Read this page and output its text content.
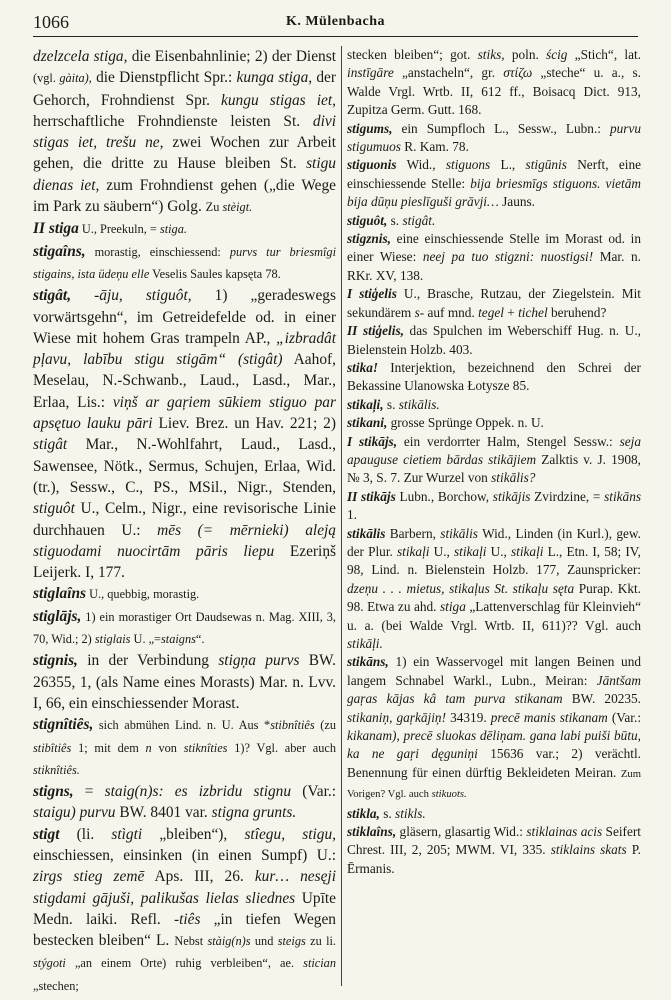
1066	K. Mülenbacha

dzelzcela stiga, die Eisenbahnlinie; 2) der Dienst (vgl. gàita), die Dienstpflicht Spr.: kunga stiga, der Gehorch, Frohndienst Spr. kungu stigas iet, herrschaftliche Frohndienste leisten St. divi stigas iet, trešu ne, zwei Wochen zur Arbeit gehen, die dritte zu Hause bleiben St. stigu dienas iet, zum Frohndienst gehen („die Wege im Park zu säubern“) Golg. Zu stèigt.

II stiga U., Preekuln, = stiga.

stigaîns, morastig, einschiessend: purvs tur briesmîgi stigains, ista üdeņu elle Veselis Saules kapsęta 78.

stigât, -āju, stiguôt, 1) „geradeswegs vorwärtsgehn“, im Getreidefelde od. in einer Wiese mit hohem Gras trampeln AP., „izbradât pļavu, labību stigu stigām“ (stigât) Aahof, Meselau, N.-Schwanb., Laud., Lasd., Mar., Erlaa, Lis.: viņš ar gaŗiem sūkiem stiguo par apsętuo lauku pāri Liev. Brez. un Hav. 221; 2) stigât Mar., N.-Wohlfahrt, Laud., Lasd., Sawensee, Nötk., Sermus, Schujen, Erlaa, Wid. (tr.), Sessw., C., PS., MSil., Nigr., Stenden, stiguôt U., Celm., Nigr., eine revisorische Linie durchhauen U.: mēs (= mērnieki) aleją stiguodami nuocirtām pāris liepu Ezeriņš Leijerk. I, 177.

stiglaîns U., quebbig, morastig.

stiglājs, 1) ein morastiger Ort Daudsewas n. Mag. XIII, 3, 70, Wid.; 2) stiglais U. „=staigns“.

stignis, in der Verbindung stigņa purvs BW. 26355, 1, (als Name eines Morasts) Mar. n. Lvv. I, 66, ein einschiessender Morast.

stignîtiês, sich abmühen Lind. n. U. Aus *stibnîtiês (zu stibîtiês 1; mit dem n von stiknîties 1)? Vgl. aber auch stiknîtiês.

stigns, = staig(n)s: es izbridu stignu (Var.: staigu) purvu BW. 8401 var. stigna grunts.

stigt (li. stìgti „bleiben“), stîegu, stigu, einschiessen, einsinken (in einen Sumpf) U.: zirgs stieg zemē Aps. III, 26. kur… nesęji stigdami gājuši, palikušas lielas sliednes Upīte Medn. laiki. Refl. -tiês „in tiefen Wegen bestecken bleiben“ L. Nebst stàig(n)s und steigs zu li. stýgoti „an einem Orte) ruhig verbleiben“, ae. stician „stechen;

stecken bleiben“; got. stiks, poln. ścig „Stich“, lat. instīgāre „anstacheln“, gr. στίζω „steche“ u. a., s. Walde Vrgl. Wrtb. II, 612 ff., Boisacq Dict. 913, Zupitza Germ. Gutt. 168.

stigums, ein Sumpfloch L., Sessw., Lubn.: purvu stigumuos R. Kam. 78.

stiguonis Wid., stiguons L., stigūnis Nerft, eine einschiessende Stelle: bija briesmīgs stiguons. vietām bija dūņu pieslīguši grāvji… Jauns.

stiguôt, s. stigât.

stigznis, eine einschiessende Stelle im Morast od. in einer Wiese: neej pa tuo stigzni: nuostigsi! Mar. n. RKr. XV, 138.

I stiģelis U., Brasche, Rutzau, der Ziegelstein. Mit sekundärem s- auf mnd. tegel + tichel beruhend?

II stiģelis, das Spulchen im Weberschiff Hug. n. U., Bielenstein Holzb. 403.

stika! Interjektion, bezeichnend den Schrei der Bekassine Ulanowska Łotysze 85.

stikaļi, s. stikālis.

stikani, grosse Sprünge Oppek. n. U.

I stikājs, ein verdorrter Halm, Stengel Sessw.: seja apauguse cietiem bārdas stikājiem Zalktis v. J. 1908, № 3, S. 7. Zur Wurzel von stikālis?

II stikājs Lubn., Borchow, stikājis Zvirdzine, = stikāns 1.

stikālis Barbern, stikālis Wid., Linden (in Kurl.), gew. der Plur. stikaļi U., stikaļi U., stikaļi L., Etn. I, 58; IV, 98, Lind. n. Bielenstein Holzb. 177, Zaunspricker: dzeņu . . . mietus, stikaļus St. stikaļu sęta Purap. Kkt. 98. Etwa zu ahd. stiga „Lattenverschlag für Kleinvieh“ u. a. (bei Walde Vrgl. Wrtb. II, 611)?? Vgl. auch stikāļi.

stikāns, 1) ein Wasservogel mit langen Beinen und langem Schnabel Warkl., Lubn., Meiran: Jāntšam gaŗas kājas kâ tam purva stikanam BW. 20235. stikaniņ, gaŗkājiņ! 34319. precē manis stikanam (Var.: kikanam), precē sluokas dēliņam. gana labi puiši būtu, ka ne gaŗi dęguniņi 15636 var.; 2) verächtl. Benennung für einen dürftig Bekleideten Meiran. Zum Vorigen? Vgl. auch stikuots.

stikla, s. stikls.

stiklaîns, gläsern, glasartig Wid.: stiklainas acis Seifert Chrest. III, 2, 205; MWM. VI, 335. stiklains skats P. Ērmanis.
